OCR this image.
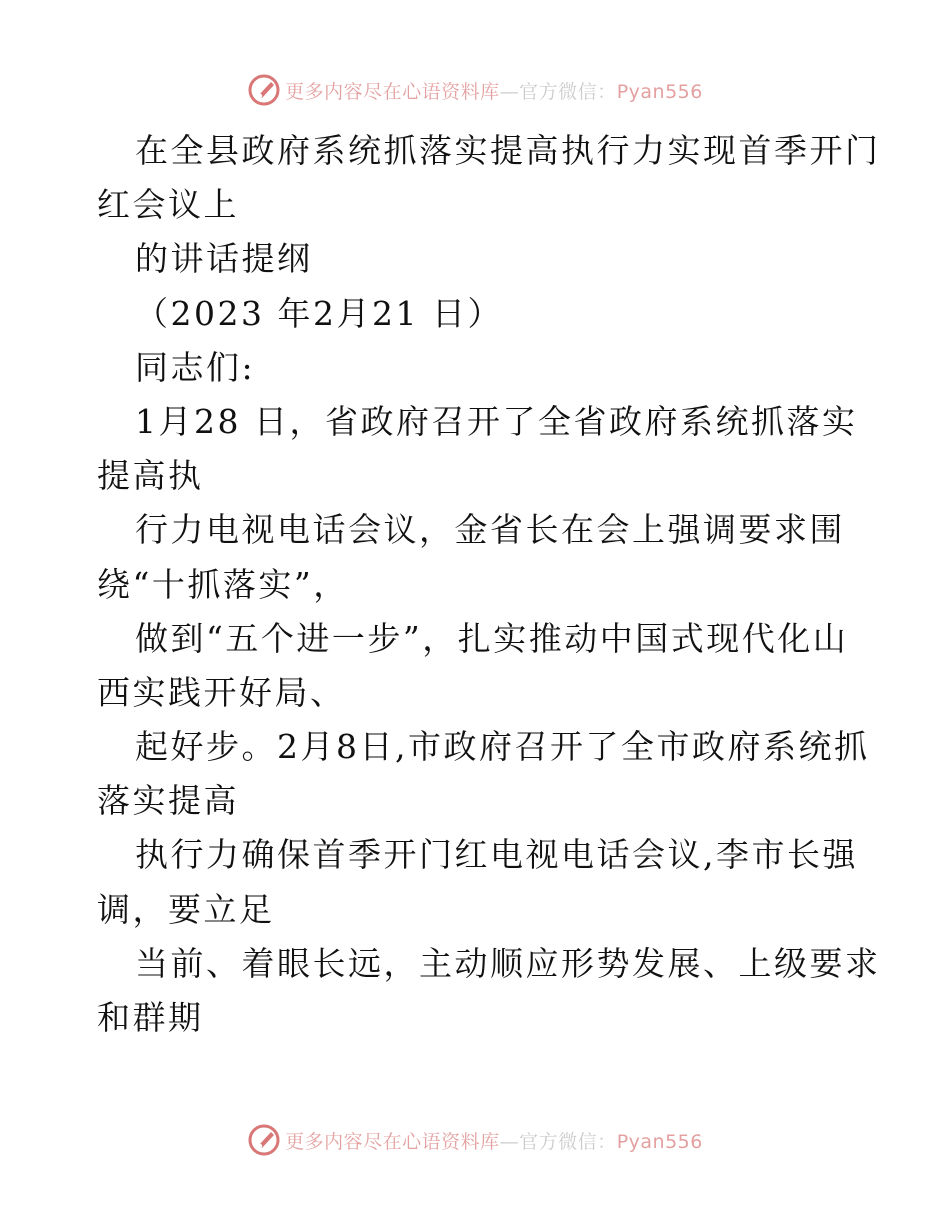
更多内容尽在心语资料库—官方微信：Pyan556
在全县政府系统抓落实提高执行力实现首季开门
红会议上
的讲话提纲
（2023 年2月21 日）
同志们:
1月28 日，省政府召开了全省政府系统抓落实
提高执
行力电视电话会议，金省长在会上强调要求围
绕“十抓落实”，
做到“五个进一步”，扎实推动中国式现代化山
西实践开好局、
起好步。2月8日,市政府召开了全市政府系统抓
落实提高
执行力确保首季开门红电视电话会议,李市长强
调，要立足
当前、着眼长远，主动顺应形势发展、上级要求
和群期
更多内容尽在心语资料库—官方微信：Pyan556
